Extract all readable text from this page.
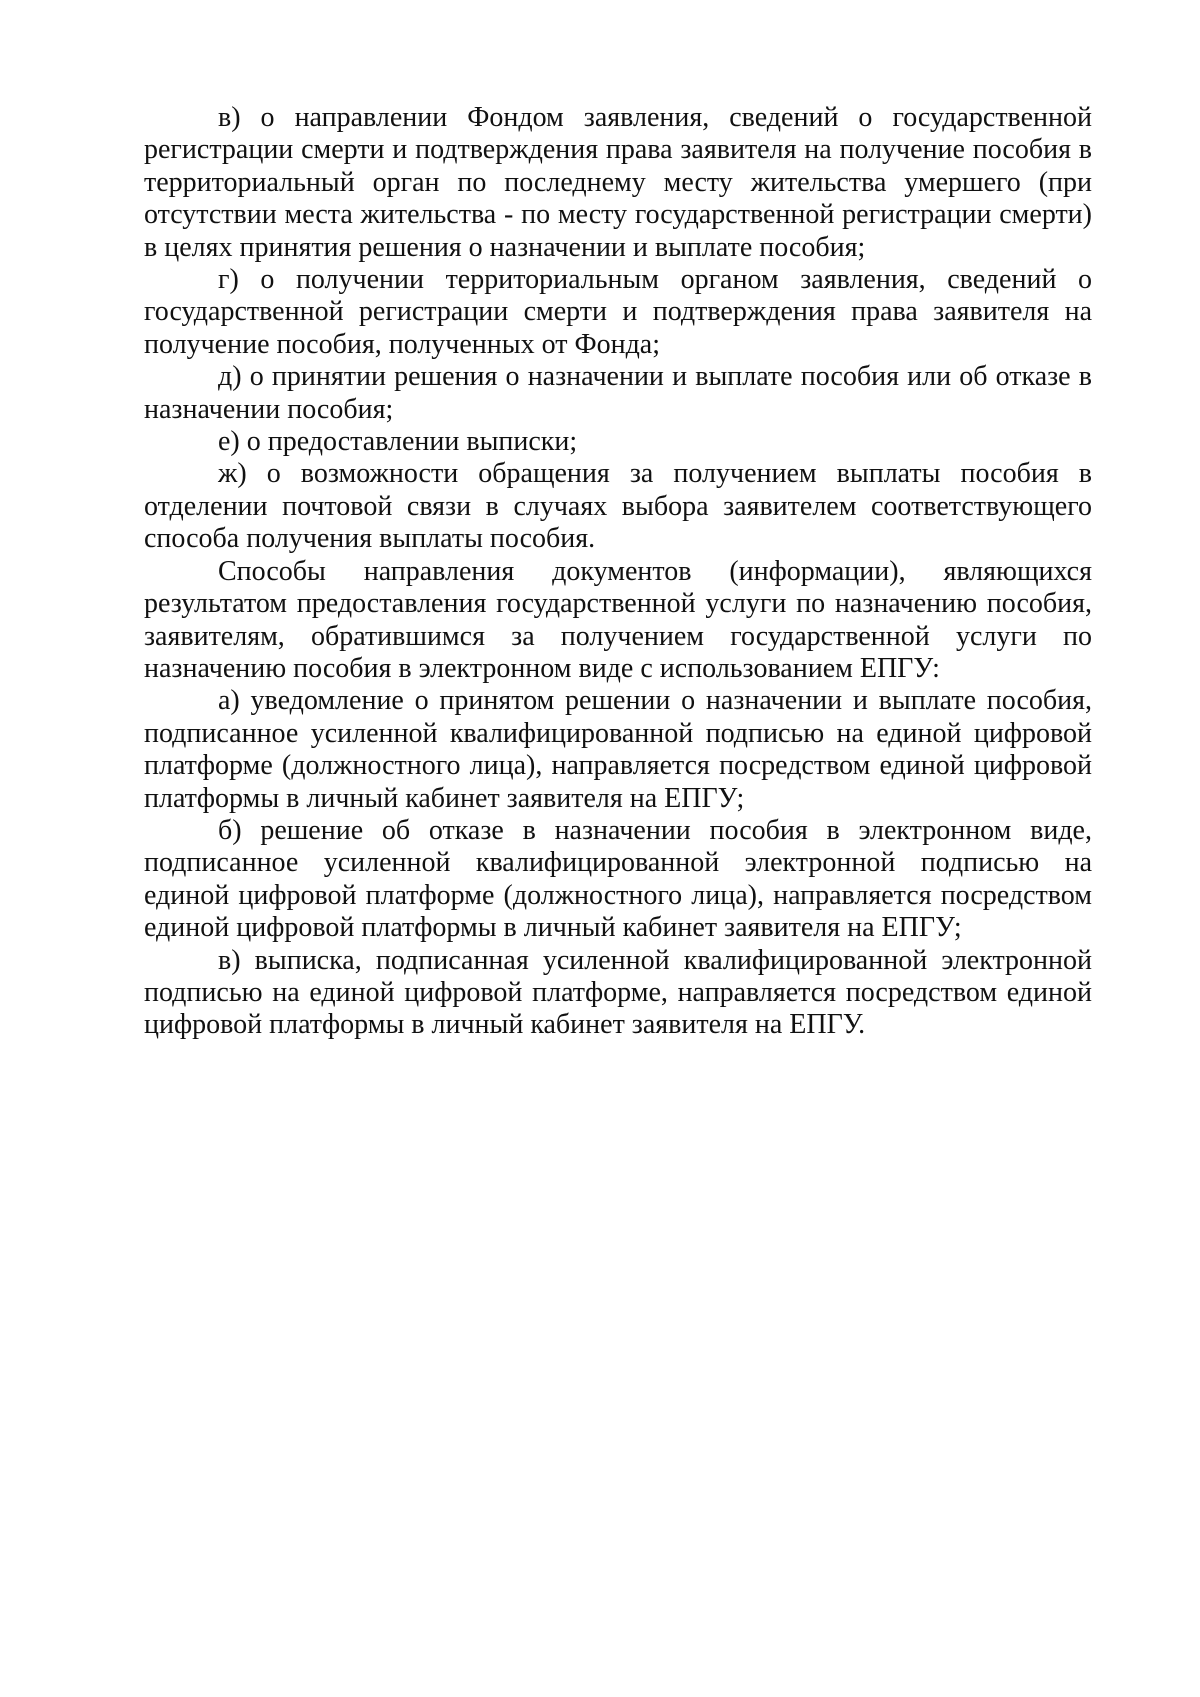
в) о направлении Фондом заявления, сведений о государственной регистрации смерти и подтверждения права заявителя на получение пособия в территориальный орган по последнему месту жительства умершего (при отсутствии места жительства - по месту государственной регистрации смерти) в целях принятия решения о назначении и выплате пособия;

г) о получении территориальным органом заявления, сведений о государственной регистрации смерти и подтверждения права заявителя на получение пособия, полученных от Фонда;

д) о принятии решения о назначении и выплате пособия или об отказе в назначении пособия;

е) о предоставлении выписки;

ж) о возможности обращения за получением выплаты пособия в отделении почтовой связи в случаях выбора заявителем соответствующего способа получения выплаты пособия.

Способы направления документов (информации), являющихся результатом предоставления государственной услуги по назначению пособия, заявителям, обратившимся за получением государственной услуги по назначению пособия в электронном виде с использованием ЕПГУ:

а) уведомление о принятом решении о назначении и выплате пособия, подписанное усиленной квалифицированной подписью на единой цифровой платформе (должностного лица), направляется посредством единой цифровой платформы в личный кабинет заявителя на ЕПГУ;

б) решение об отказе в назначении пособия в электронном виде, подписанное усиленной квалифицированной электронной подписью на единой цифровой платформе (должностного лица), направляется посредством единой цифровой платформы в личный кабинет заявителя на ЕПГУ;

в) выписка, подписанная усиленной квалифицированной электронной подписью на единой цифровой платформе, направляется посредством единой цифровой платформы в личный кабинет заявителя на ЕПГУ.
